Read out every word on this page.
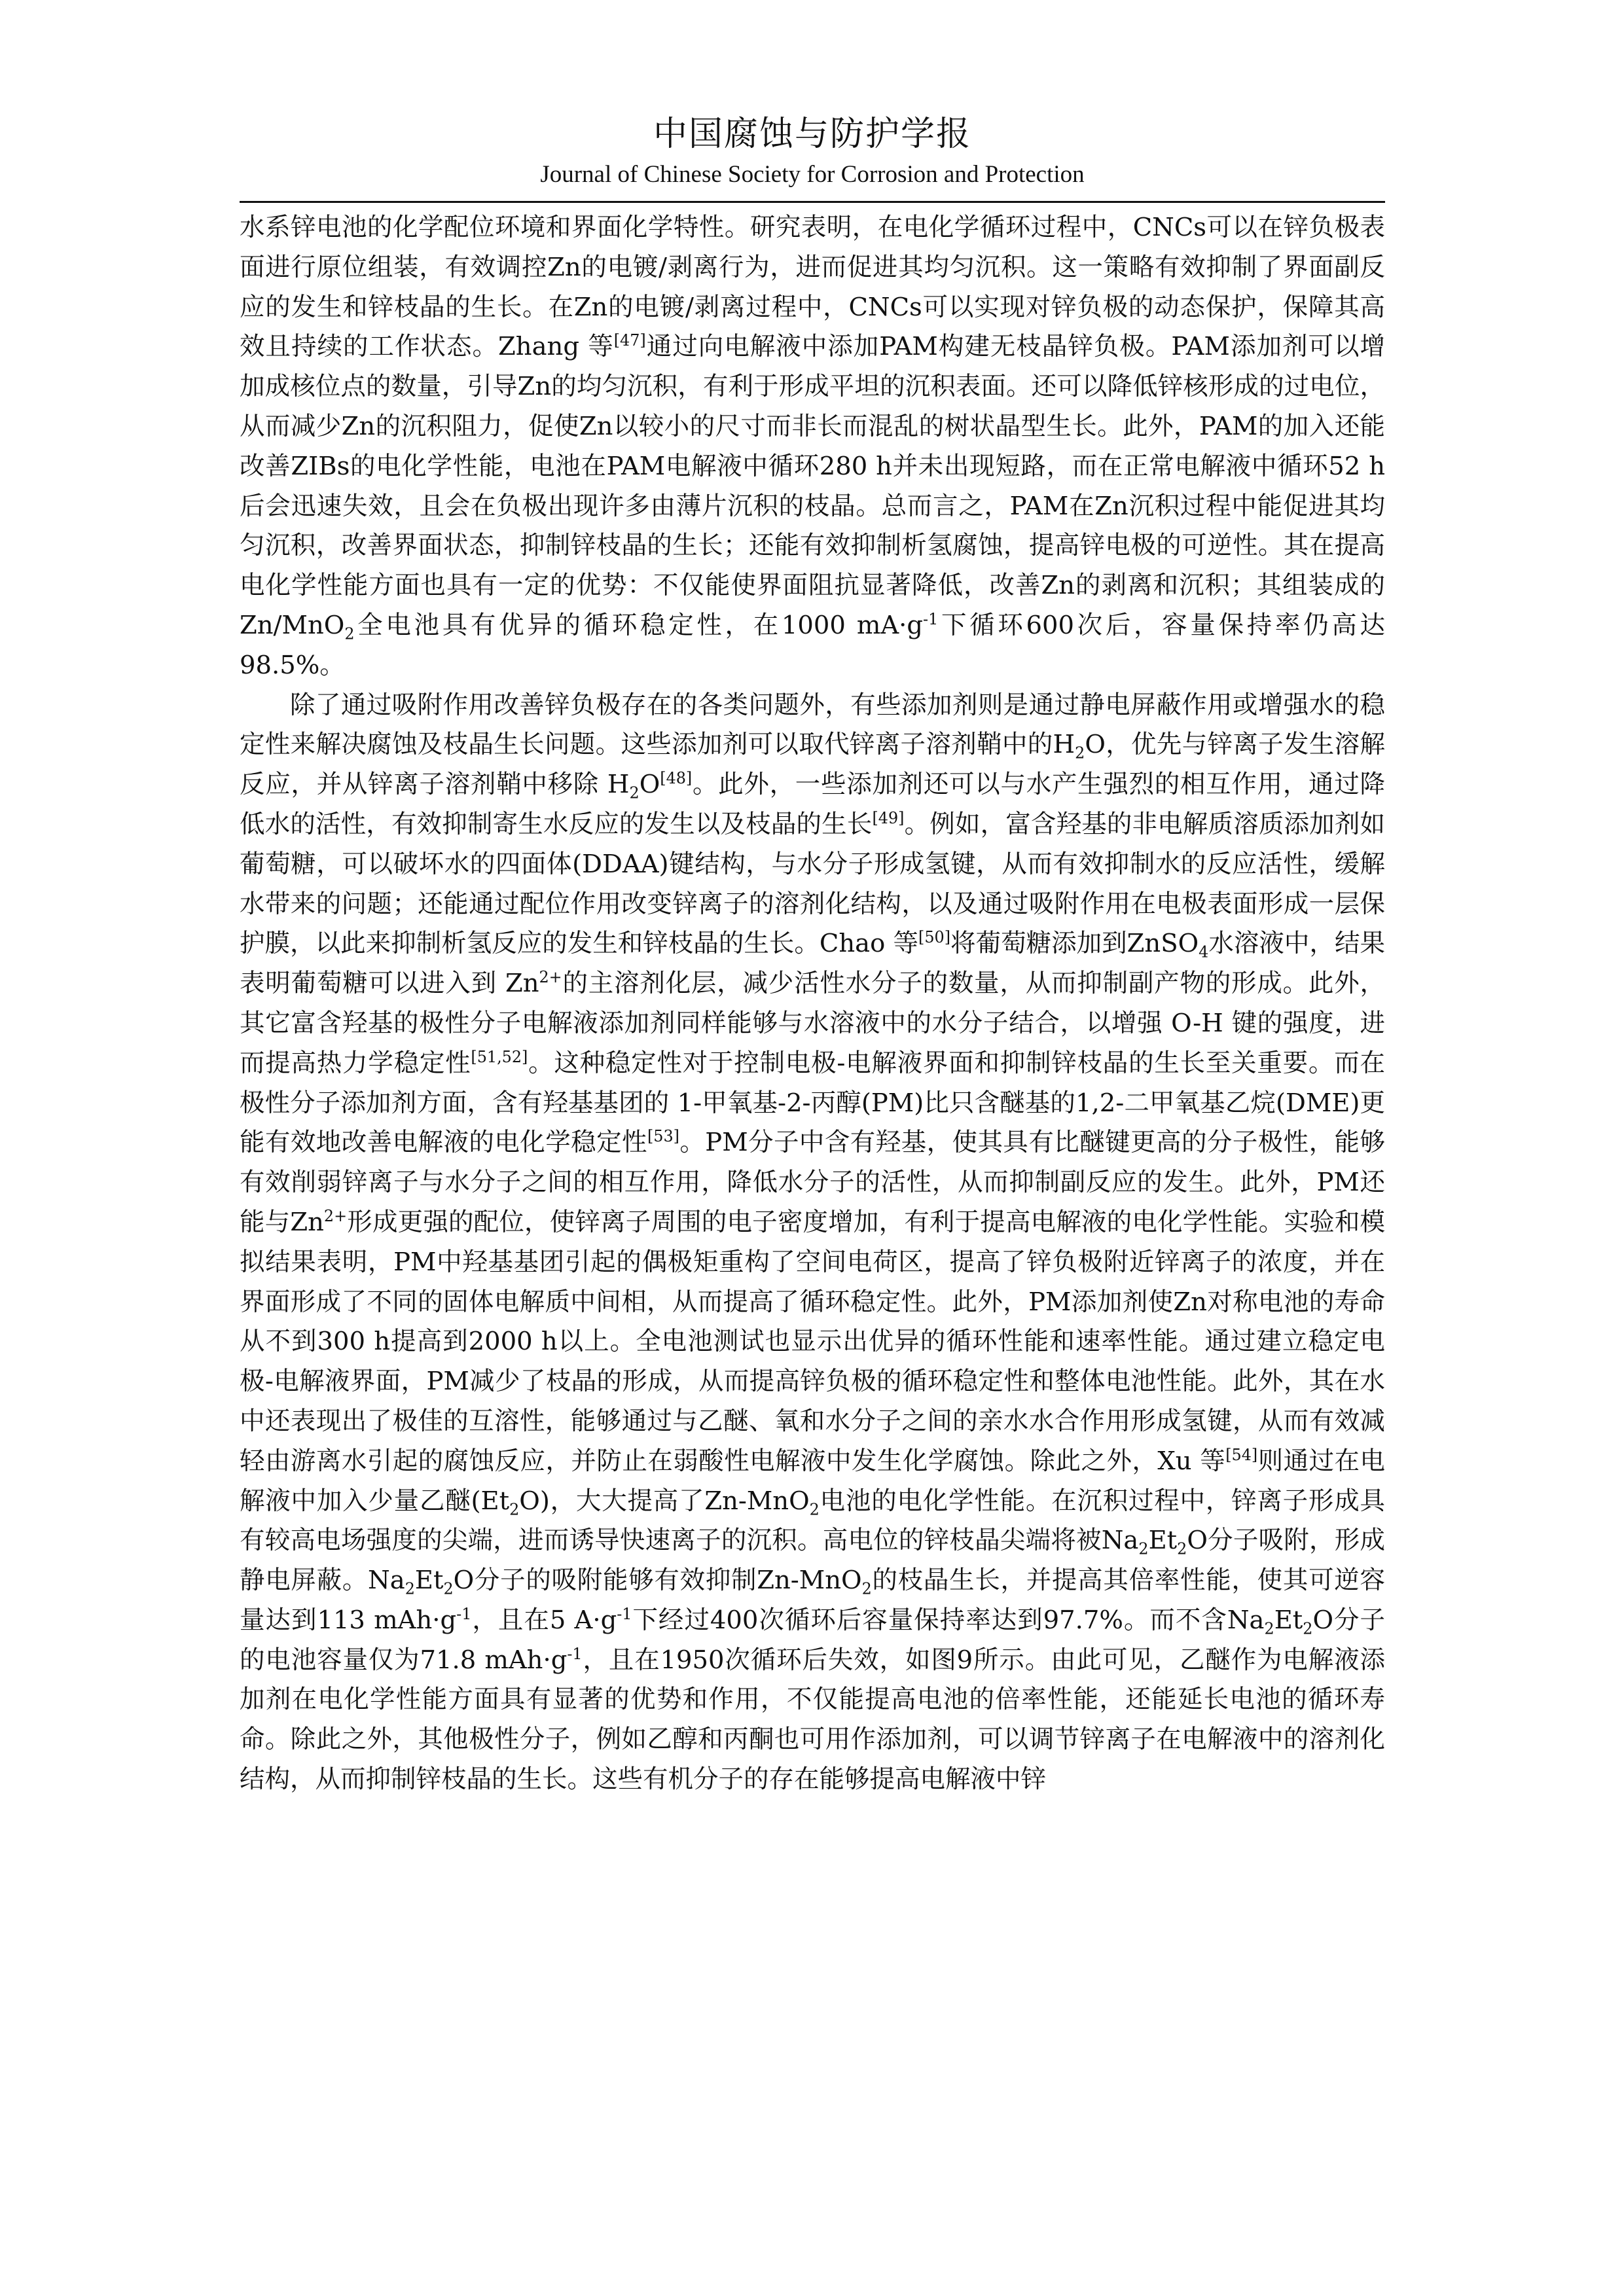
中国腐蚀与防护学报
Journal of Chinese Society for Corrosion and Protection

水系锌电池的化学配位环境和界面化学特性。研究表明，在电化学循环过程中，CNCs可以在锌负极表面进行原位组装，有效调控Zn的电镀/剥离行为，进而促进其均匀沉积。这一策略有效抑制了界面副反应的发生和锌枝晶的生长。在Zn的电镀/剥离过程中，CNCs可以实现对锌负极的动态保护，保障其高效且持续的工作状态。Zhang 等[47]通过向电解液中添加PAM构建无枝晶锌负极。PAM添加剂可以增加成核位点的数量，引导Zn的均匀沉积，有利于形成平坦的沉积表面。还可以降低锌核形成的过电位，从而减少Zn的沉积阻力，促使Zn以较小的尺寸而非长而混乱的树状晶型生长。此外，PAM的加入还能改善ZIBs的电化学性能，电池在PAM电解液中循环280 h并未出现短路，而在正常电解液中循环52 h后会迅速失效，且会在负极出现许多由薄片沉积的枝晶。总而言之，PAM在Zn沉积过程中能促进其均匀沉积，改善界面状态，抑制锌枝晶的生长；还能有效抑制析氢腐蚀，提高锌电极的可逆性。其在提高电化学性能方面也具有一定的优势：不仅能使界面阻抗显著降低，改善Zn的剥离和沉积；其组装成的Zn/MnO$_2$全电池具有优异的循环稳定性，在1000 $mA\cdot g^{-1}$下循环600次后，容量保持率仍高达98.5%。

除了通过吸附作用改善锌负极存在的各类问题外，有些添加剂则是通过静电屏蔽作用或增强水的稳定性来解决腐蚀及枝晶生长问题。这些添加剂可以取代锌离子溶剂鞘中的$H_2O$，优先与锌离子发生溶解反应，并从锌离子溶剂鞘中移除 $H_2O[48]$。此外，一些添加剂还可以与水产生强烈的相互作用，通过降低水的活性，有效抑制寄生水反应的发生以及枝晶的生长[49]。例如，富含羟基的非电解质溶质添加剂如葡萄糖，可以破坏水的四面体(DDAA)键结构，与水分子形成氢键，从而有效抑制水的反应活性，缓解水带来的问题；还能通过配位作用改变锌离子的溶剂化结构，以及通过吸附作用在电极表面形成一层保护膜，以此来抑制析氢反应的发生和锌枝晶的生长。Chao 等[50]将葡萄糖添加到ZnSO$_4$水溶液中，结果表明葡萄糖可以进入到 $Zn^{2+}$的主溶剂化层，减少活性水分子的数量，从而抑制副产物的形成。此外，其它富含羟基的极性分子电解液添加剂同样能够与水溶液中的水分子结合，以增强 O-H 键的强度，进而提高热力学稳定性[51,52]。这种稳定性对于控制电极-电解液界面和抑制锌枝晶的生长至关重要。而在极性分子添加剂方面，含有羟基基团的 1-甲氧基-2-丙醇(PM)比只含醚基的1,2-二甲氧基乙烷(DME)更能有效地改善电解液的电化学稳定性[53]。PM分子中含有羟基，使其具有比醚键更高的分子极性，能够有效削弱锌离子与水分子之间的相互作用，降低水分子的活性，从而抑制副反应的发生。此外，PM还能与$Zn^{2+}$形成更强的配位，使锌离子周围的电子密度增加，有利于提高电解液的电化学性能。实验和模拟结果表明，PM中羟基基团引起的偶极矩重构了空间电荷区，提高了锌负极附近锌离子的浓度，并在界面形成了不同的固体电解质中间相，从而提高了循环稳定性。此外，PM添加剂使Zn对称电池的寿命从不到300 h提高到2000 h以上。全电池测试也显示出优异的循环性能和速率性能。通过建立稳定电极-电解液界面，PM减少了枝晶的形成，从而提高锌负极的循环稳定性和整体电池性能。此外，其在水中还表现出了极佳的互溶性，能够通过与乙醚、氧和水分子之间的亲水水合作用形成氢键，从而有效减轻由游离水引起的腐蚀反应，并防止在弱酸性电解液中发生化学腐蚀。除此之外，Xu 等[54]则通过在电解液中加入少量乙醚$(Et_2O)$，大大提高了Zn-MnO$_2$电池的电化学性能。在沉积过程中，锌离子形成具有较高电场强度的尖端，进而诱导快速离子的沉积。高电位的锌枝晶尖端将被$Na_2Et_2O$分子吸附，形成静电屏蔽。$Na_2Et_2O$分子的吸附能够有效抑制Zn-MnO$_2$的枝晶生长，并提高其倍率性能，使其可逆容量达到113 $mAh\cdot g^{-1}$，且在5 $A\cdot g^{-1}$下经过400次循环后容量保持率达到97.7%。而不含$Na_2Et_2O$分子的电池容量仅为71.8 $mAh\cdot g^{-1}$，且在1950次循环后失效，如图9所示。由此可见，乙醚作为电解液添加剂在电化学性能方面具有显著的优势和作用，不仅能提高电池的倍率性能，还能延长电池的循环寿命。除此之外，其他极性分子，例如乙醇和丙酮也可用作添加剂，可以调节锌离子在电解液中的溶剂化结构，从而抑制锌枝晶的生长。这些有机分子的存在能够提高电解液中锌
